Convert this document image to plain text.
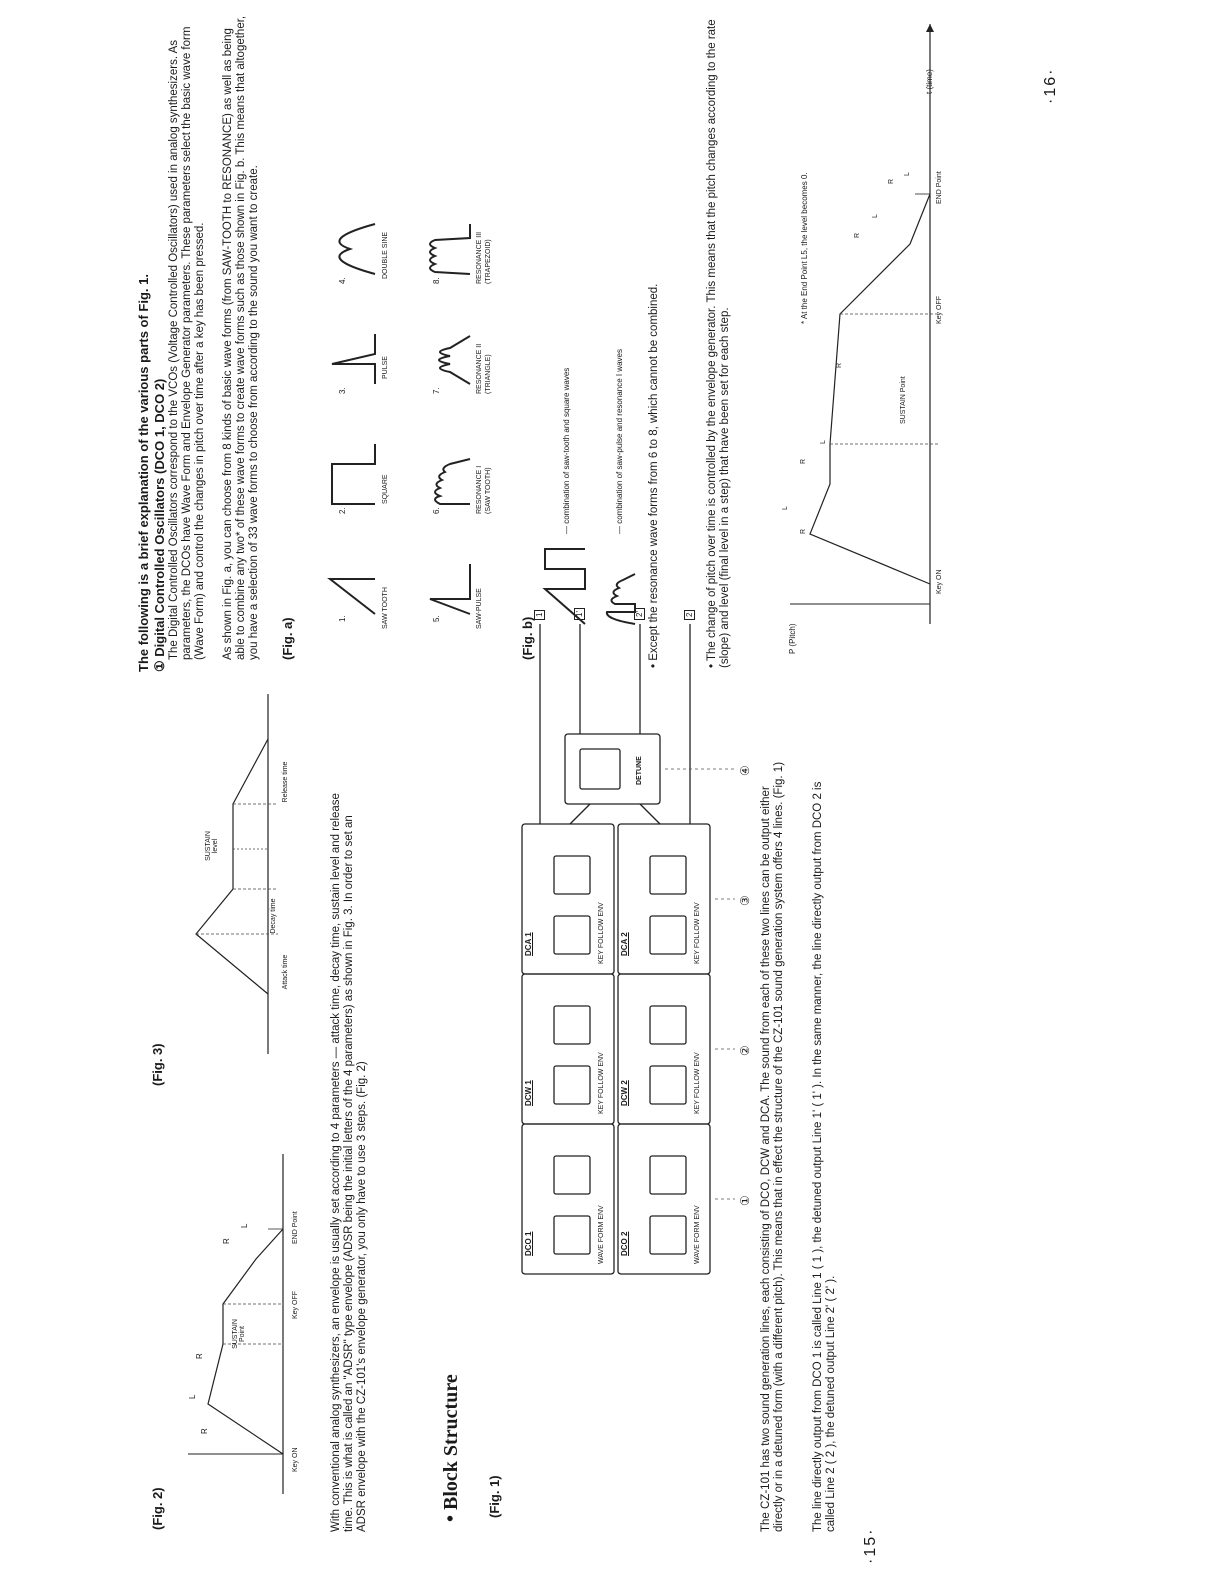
(Fig. 2)
(Fig. 3)
R
L
R
R
L
SUSTAIN
Point
Key ON
Key OFF
END Point
SUSTAIN level
Attack time
Decay time
Release time
With conventional analog synthesizers, an envelope is usually set according to 4 parameters — attack time, decay time, sustain level and release time. This is what is called an "ADSR" type envelope (ADSR being the initial letters of the 4 parameters) as shown in Fig. 3. In order to set an ADSR envelope with the CZ-101's envelope generator, you only have to use 3 steps. (Fig. 2)	• Block Structure (Fig. 1)
DCO 1
DCW 1
DCA 1
DCO 2
DCW 2
DCA 2
WAVE FORM ENV
KEY FOLLOW ENV
KEY FOLLOW ENV
WAVE FORM ENV
KEY FOLLOW ENV
KEY FOLLOW ENV
DETUNE
①
②
③
④
1	1'	2'	2
The CZ-101 has two sound generation lines, each consisting of DCO, DCW and DCA. The sound from each of these two lines can be output either directly or in a detuned form (with a different pitch). This means that in effect the structure of the CZ-101 sound generation system offers 4 lines. (Fig. 1) The line directly output from DCO 1 is called Line 1 ( 1 ), the detuned output Line 1' ( 1' ). In the same manner, the line directly output from DCO 2 is called Line 2 ( 2 ), the detuned output Line 2' ( 2' ).
·15·
The following is a brief explanation of the various parts of Fig. 1. ① Digital Controlled Oscillators (DCO 1, DCO 2) The Digital Controlled Oscillators correspond to the VCOs (Voltage Controlled Oscillators) used in analog synthesizers. As parameters, the DCOs have Wave Form and Envelope Generator parameters. These parameters select the basic wave form (Wave Form) and control the changes in pitch over time after a key has been pressed. As shown in Fig. a, you can choose from 8 kinds of basic wave forms (from SAW-TOOTH to RESONANCE) as well as being able to combine any two* of these wave forms to create wave forms such as those shown in Fig. b. This means that altogether, you have a selection of 33 wave forms to choose from according to the sound you want to create. (Fig. a)	1.	SAW TOOTH
2.
SQUARE
3.
PULSE
4.
DOUBLE SINE
5.	SAW-PULSE
6.	RESONANCE I (SAW TOOTH)
7.	RESONANCE II (TRIANGLE)
8.	RESONANCE III (TRAPEZOID)
(Fig. b)
— combination of saw-tooth and square waves	— combination of saw-pulse and resonance I waves • Except the resonance wave forms from 6 to 8, which cannot be combined.	• The change of pitch over time is controlled by the envelope generator. This means that the pitch changes according to the rate (slope) and level (final level in a step) that have been set for each step.	P (Pitch)
R
L
R
L
R
R
L
R
L
SUSTAIN Point
Key ON
Key OFF
END Point
t (time)
* At the End Point L5, the level becomes 0.
·16·
